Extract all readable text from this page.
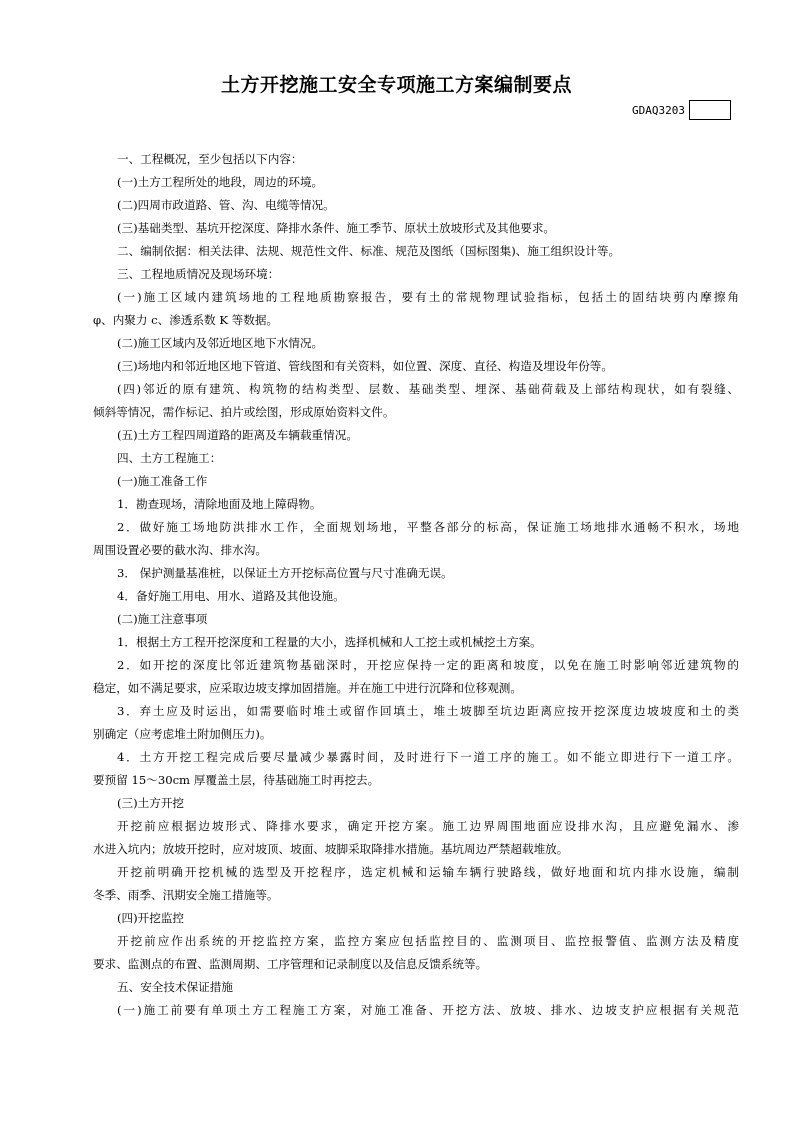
土方开挖施工安全专项施工方案编制要点
GDAQ3203
一、工程概况，至少包括以下内容：
(一)土方工程所处的地段，周边的环境。
(二)四周市政道路、管、沟、电缆等情况。
(三)基础类型、基坑开挖深度、降排水条件、施工季节、原状土放坡形式及其他要求。
二、编制依据：相关法律、法规、规范性文件、标准、规范及图纸（国标图集)、施工组织设计等。
三、工程地质情况及现场环境：
(一)施工区域内建筑场地的工程地质勘察报告，要有土的常规物理试验指标，包括土的固结块剪内摩擦角
φ、内聚力 c、渗透系数 K 等数据。
(二)施工区域内及邻近地区地下水情况。
(三)场地内和邻近地区地下管道、管线图和有关资料，如位置、深度、直径、构造及埋设年份等。
(四)邻近的原有建筑、构筑物的结构类型、层数、基础类型、埋深、基础荷载及上部结构现状，如有裂缝、
倾斜等情况，需作标记、拍片或绘图，形成原始资料文件。
(五)土方工程四周道路的距离及车辆载重情况。
四、土方工程施工：
(一)施工准备工作
1．勘查现场，清除地面及地上障碍物。
2．做好施工场地防洪排水工作，全面规划场地，平整各部分的标高，保证施工场地排水通畅不积水，场地
周围设置必要的截水沟、排水沟。
3． 保护测量基准桩，以保证土方开挖标高位置与尺寸准确无误。
4．备好施工用电、用水、道路及其他设施。
(二)施工注意事项
1．根据土方工程开挖深度和工程量的大小，选择机械和人工挖土或机械挖土方案。
2．如开挖的深度比邻近建筑物基础深时，开挖应保持一定的距离和坡度，以免在施工时影响邻近建筑物的
稳定，如不满足要求，应采取边坡支撑加固措施。并在施工中进行沉降和位移观测。
3．弃土应及时运出，如需要临时堆土或留作回填土，堆土坡脚至坑边距离应按开挖深度边坡坡度和土的类
别确定（应考虑堆土附加侧压力)。
4．土方开挖工程完成后要尽量减少暴露时间，及时进行下一道工序的施工。如不能立即进行下一道工序。
要预留 15～30cm 厚覆盖土层，待基础施工时再挖去。
(三)土方开挖
开挖前应根据边坡形式、降排水要求，确定开挖方案。施工边界周围地面应设排水沟，且应避免漏水、渗
水进入坑内；放坡开挖时，应对坡顶、坡面、坡脚采取降排水措施。基坑周边严禁超载堆放。
开挖前明确开挖机械的选型及开挖程序，选定机械和运输车辆行驶路线，做好地面和坑内排水设施，编制
冬季、雨季、汛期安全施工措施等。
(四)开挖监控
开挖前应作出系统的开挖监控方案，监控方案应包括监控目的、监测项目、监控报警值、监测方法及精度
要求、监测点的布置、监测周期、工序管理和记录制度以及信息反馈系统等。
五、安全技术保证措施
(一)施工前要有单项土方工程施工方案，对施工准备、开挖方法、放坡、排水、边坡支护应根据有关规范
